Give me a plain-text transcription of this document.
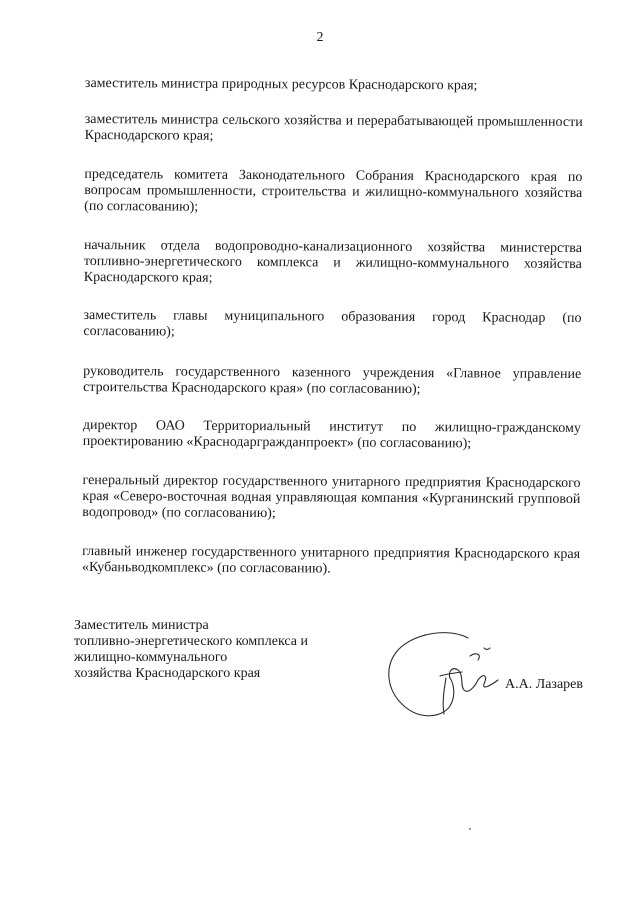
2

заместитель министра природных ресурсов Краснодарского края;

заместитель министра сельского хозяйства и перерабатывающей промышленности Краснодарского края;

председатель комитета Законодательного Собрания Краснодарского края по вопросам промышленности, строительства и жилищно-коммунального хозяйства (по согласованию);

начальник отдела водопроводно-канализационного хозяйства министерства топливно-энергетического комплекса и жилищно-коммунального хозяйства Краснодарского края;

заместитель главы муниципального образования город Краснодар (по согласованию);

руководитель государственного казенного учреждения «Главное управление строительства Краснодарского края» (по согласованию);

директор ОАО Территориальный институт по жилищно-гражданскому проектированию «Краснодаргражданпроект» (по согласованию);

генеральный директор государственного унитарного предприятия Краснодарского края «Северо-восточная водная управляющая компания «Курганинский групповой водопровод» (по согласованию);

главный инженер государственного унитарного предприятия Краснодарского края «Кубаньводкомплекс» (по согласованию).

Заместитель министра
топливно-энергетического комплекса и
жилищно-коммунального
хозяйства Краснодарского края
А.А. Лазарев
